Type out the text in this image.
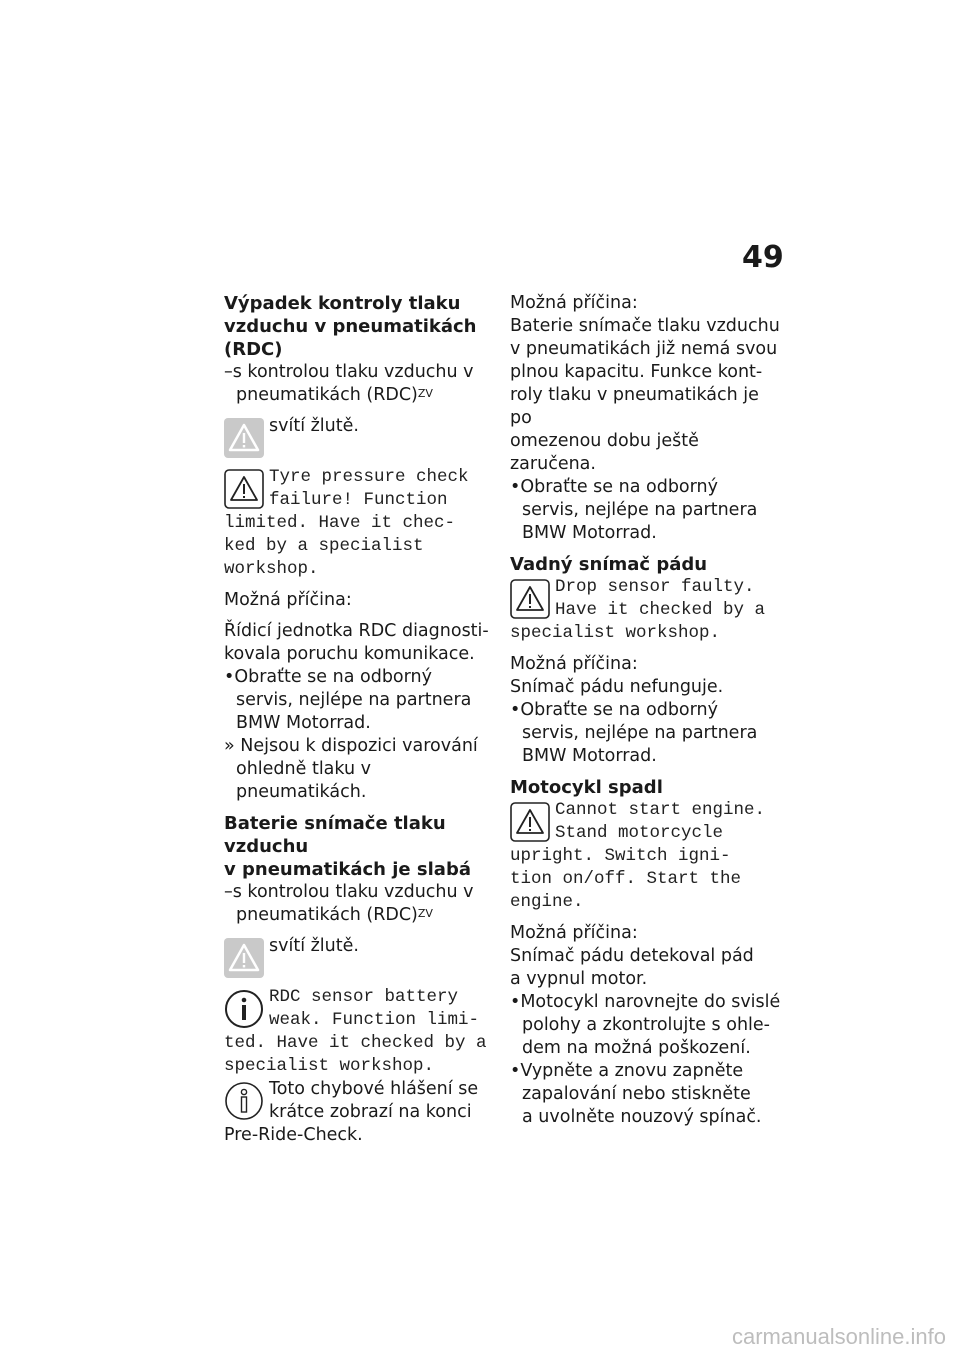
49

Výpadek kontroly tlaku
vzduchu v pneumatikách
(RDC)

–s kontrolou tlaku vzduchu v
pneumatikách (RDC)$^{ZV}$

svítí žlutě.

Tyre pressure check
failure! Function

limited. Have it chec-
ked by a specialist
workshop.

Možná příčina:

Řídicí jednotka RDC diagnosti-
kovala poruchu komunikace.

•Obraťte se na odborný
servis, nejlépe na partnera
BMW Motorrad.

» Nejsou k dispozici varování
ohledně tlaku v pneumatikách.

Baterie snímače tlaku vzduchu
v pneumatikách je slabá

–s kontrolou tlaku vzduchu v
pneumatikách (RDC)$^{ZV}$

svítí žlutě.

RDC sensor battery
weak. Function limi-

ted. Have it checked by a
specialist workshop.

Toto chybové hlášení se
krátce zobrazí na konci

Pre-Ride-Check.

Možná příčina:

Baterie snímače tlaku vzduchu
v pneumatikách již nemá svou
plnou kapacitu. Funkce kont-
roly tlaku v pneumatikách je po
omezenou dobu ještě zaručena.

•Obraťte se na odborný
servis, nejlépe na partnera
BMW Motorrad.

Vadný snímač pádu

Drop sensor faulty.
Have it checked by a

specialist workshop.

Možná příčina:

Snímač pádu nefunguje.

•Obraťte se na odborný
servis, nejlépe na partnera
BMW Motorrad.

Motocykl spadl

Cannot start engine.
Stand motorcycle

upright. Switch igni-
tion on/off. Start the
engine.

Možná příčina:

Snímač pádu detekoval pád
a vypnul motor.

•Motocykl narovnejte do svislé
polohy a zkontrolujte s ohle-
dem na možná poškození.

•Vypněte a znovu zapněte
zapalování nebo stiskněte
a uvolněte nouzový spínač.

carmanualsonline.info
